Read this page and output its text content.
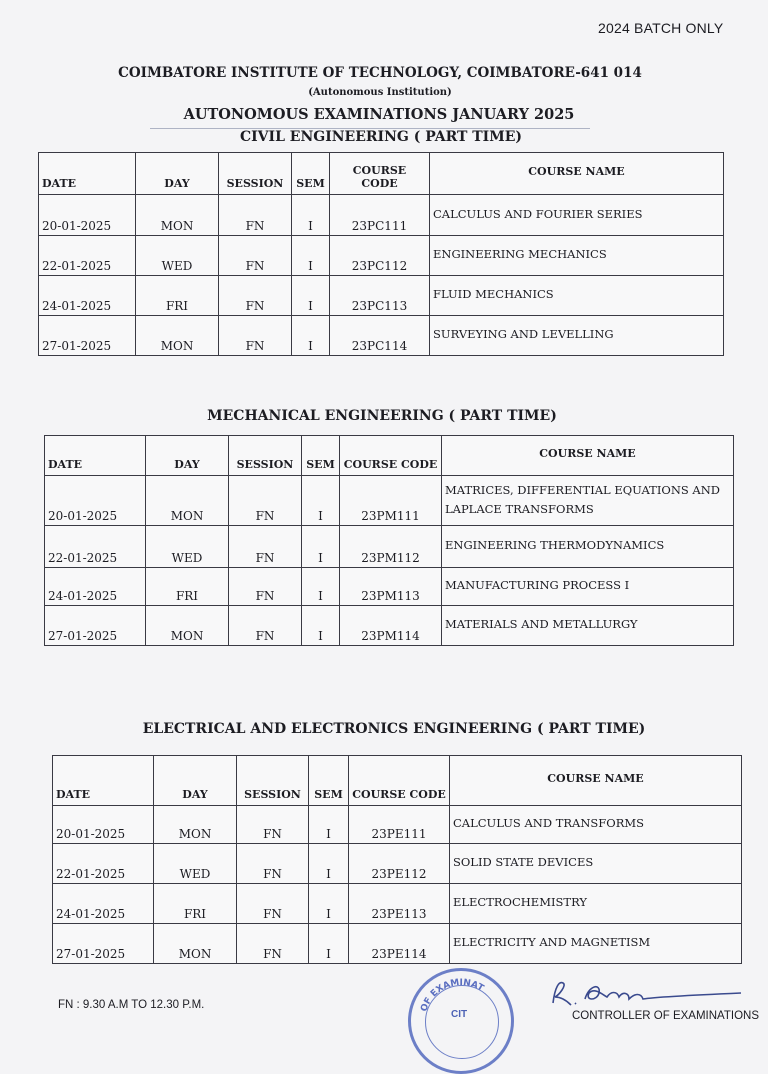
2024 BATCH ONLY
COIMBATORE INSTITUTE OF TECHNOLOGY, COIMBATORE-641 014
(Autonomous Institution)
AUTONOMOUS EXAMINATIONS JANUARY 2025
CIVIL ENGINEERING ( PART TIME)
DATE	DAY	SESSION	SEM	COURSE CODE	COURSE NAME
20-01-2025	MON	FN	I	23PC111	CALCULUS AND FOURIER SERIES
22-01-2025	WED	FN	I	23PC112	ENGINEERING MECHANICS
24-01-2025	FRI	FN	I	23PC113	FLUID MECHANICS
27-01-2025	MON	FN	I	23PC114	SURVEYING AND LEVELLING
MECHANICAL ENGINEERING ( PART TIME)
DATE	DAY	SESSION	SEM	COURSE CODE	COURSE NAME
20-01-2025	MON	FN	I	23PM111	MATRICES, DIFFERENTIAL EQUATIONS AND LAPLACE TRANSFORMS
22-01-2025	WED	FN	I	23PM112	ENGINEERING THERMODYNAMICS
24-01-2025	FRI	FN	I	23PM113	MANUFACTURING PROCESS I
27-01-2025	MON	FN	I	23PM114	MATERIALS AND METALLURGY
ELECTRICAL AND ELECTRONICS ENGINEERING ( PART TIME)
DATE	DAY	SESSION	SEM	COURSE CODE	COURSE NAME
20-01-2025	MON	FN	I	23PE111	CALCULUS AND TRANSFORMS
22-01-2025	WED	FN	I	23PE112	SOLID STATE DEVICES
24-01-2025	FRI	FN	I	23PE113	ELECTROCHEMISTRY
27-01-2025	MON	FN	I	23PE114	ELECTRICITY AND MAGNETISM
FN : 9.30 A.M TO 12.30 P.M.	OF EXAMINAT
CIT	CONTROLLER OF EXAMINATIONS
